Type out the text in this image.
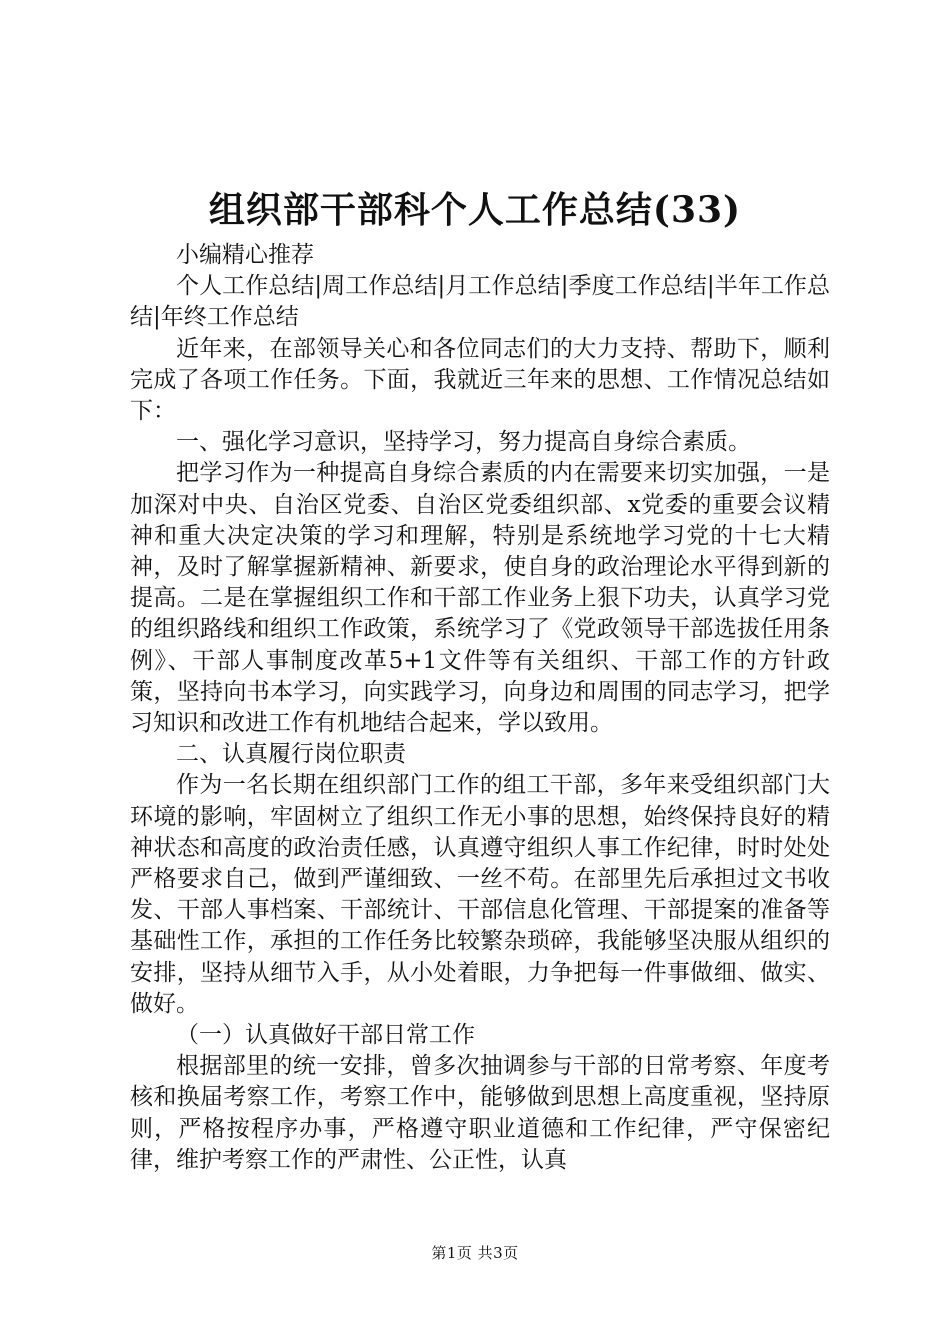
组织部干部科个人工作总结(33)

小编精心推荐

个人工作总结|周工作总结|月工作总结|季度工作总结|半年工作总结|年终工作总结

近年来，在部领导关心和各位同志们的大力支持、帮助下，顺利完成了各项工作任务。下面，我就近三年来的思想、工作情况总结如下：

一、强化学习意识，坚持学习，努力提高自身综合素质。

把学习作为一种提高自身综合素质的内在需要来切实加强，一是加深对中央、自治区党委、自治区党委组织部、x党委的重要会议精神和重大决定决策的学习和理解，特别是系统地学习党的十七大精神，及时了解掌握新精神、新要求，使自身的政治理论水平得到新的提高。二是在掌握组织工作和干部工作业务上狠下功夫，认真学习党的组织路线和组织工作政策，系统学习了《党政领导干部选拔任用条例》、干部人事制度改革5+1文件等有关组织、干部工作的方针政策，坚持向书本学习，向实践学习，向身边和周围的同志学习，把学习知识和改进工作有机地结合起来，学以致用。

二、认真履行岗位职责

作为一名长期在组织部门工作的组工干部，多年来受组织部门大环境的影响，牢固树立了组织工作无小事的思想，始终保持良好的精神状态和高度的政治责任感，认真遵守组织人事工作纪律，时时处处严格要求自己，做到严谨细致、一丝不苟。在部里先后承担过文书收发、干部人事档案、干部统计、干部信息化管理、干部提案的准备等基础性工作，承担的工作任务比较繁杂琐碎，我能够坚决服从组织的安排，坚持从细节入手，从小处着眼，力争把每一件事做细、做实、做好。

（一）认真做好干部日常工作

根据部里的统一安排，曾多次抽调参与干部的日常考察、年度考核和换届考察工作，考察工作中，能够做到思想上高度重视，坚持原则，严格按程序办事，严格遵守职业道德和工作纪律，严守保密纪律，维护考察工作的严肃性、公正性，认真

第1页 共3页
